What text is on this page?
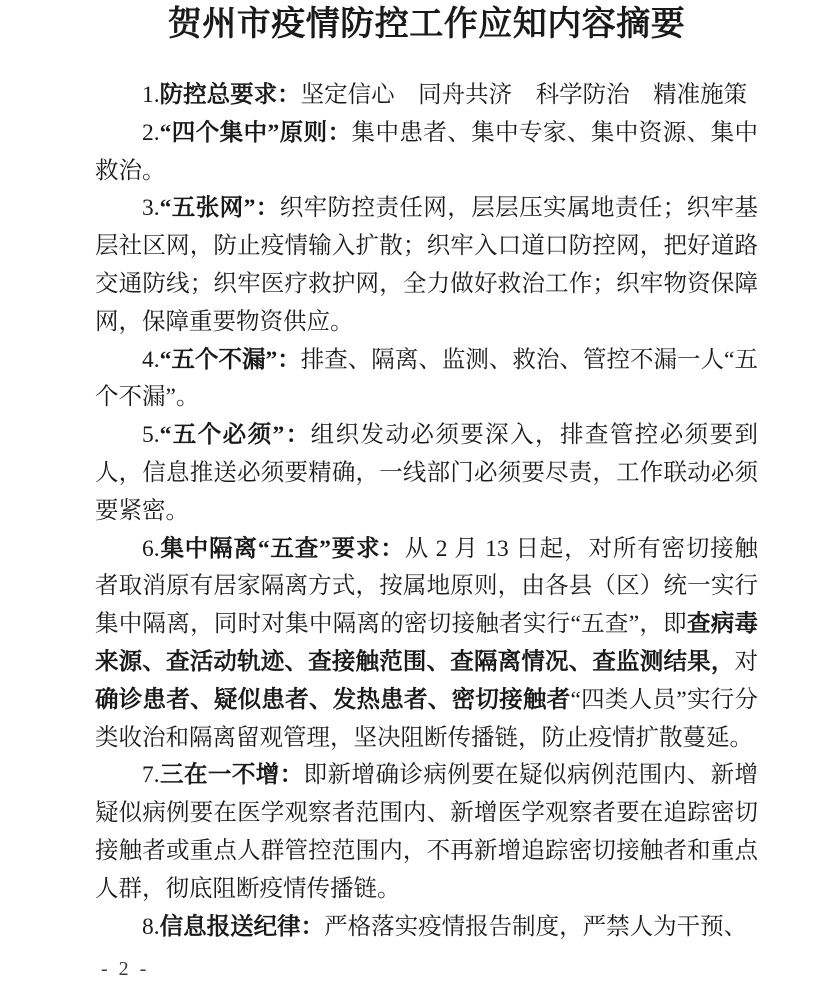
贺州市疫情防控工作应知内容摘要

1.防控总要求：坚定信心　同舟共济　科学防治　精准施策

2.“四个集中”原则：集中患者、集中专家、集中资源、集中救治。

3.“五张网”：织牢防控责任网，层层压实属地责任；织牢基层社区网，防止疫情输入扩散；织牢入口道口防控网，把好道路交通防线；织牢医疗救护网，全力做好救治工作；织牢物资保障网，保障重要物资供应。

4.“五个不漏”：排查、隔离、监测、救治、管控不漏一人“五个不漏”。

5.“五个必须”：组织发动必须要深入，排查管控必须要到人，信息推送必须要精确，一线部门必须要尽责，工作联动必须要紧密。

6.集中隔离“五查”要求：从 2 月 13 日起，对所有密切接触者取消原有居家隔离方式，按属地原则，由各县（区）统一实行集中隔离，同时对集中隔离的密切接触者实行“五查”，即查病毒来源、查活动轨迹、查接触范围、查隔离情况、查监测结果，对确诊患者、疑似患者、发热患者、密切接触者“四类人员”实行分类收治和隔离留观管理，坚决阻断传播链，防止疫情扩散蔓延。

7.三在一不增：即新增确诊病例要在疑似病例范围内、新增疑似病例要在医学观察者范围内、新增医学观察者要在追踪密切接触者或重点人群管控范围内，不再新增追踪密切接触者和重点人群，彻底阻断疫情传播链。

8.信息报送纪律：严格落实疫情报告制度，严禁人为干预、

- 2 -
